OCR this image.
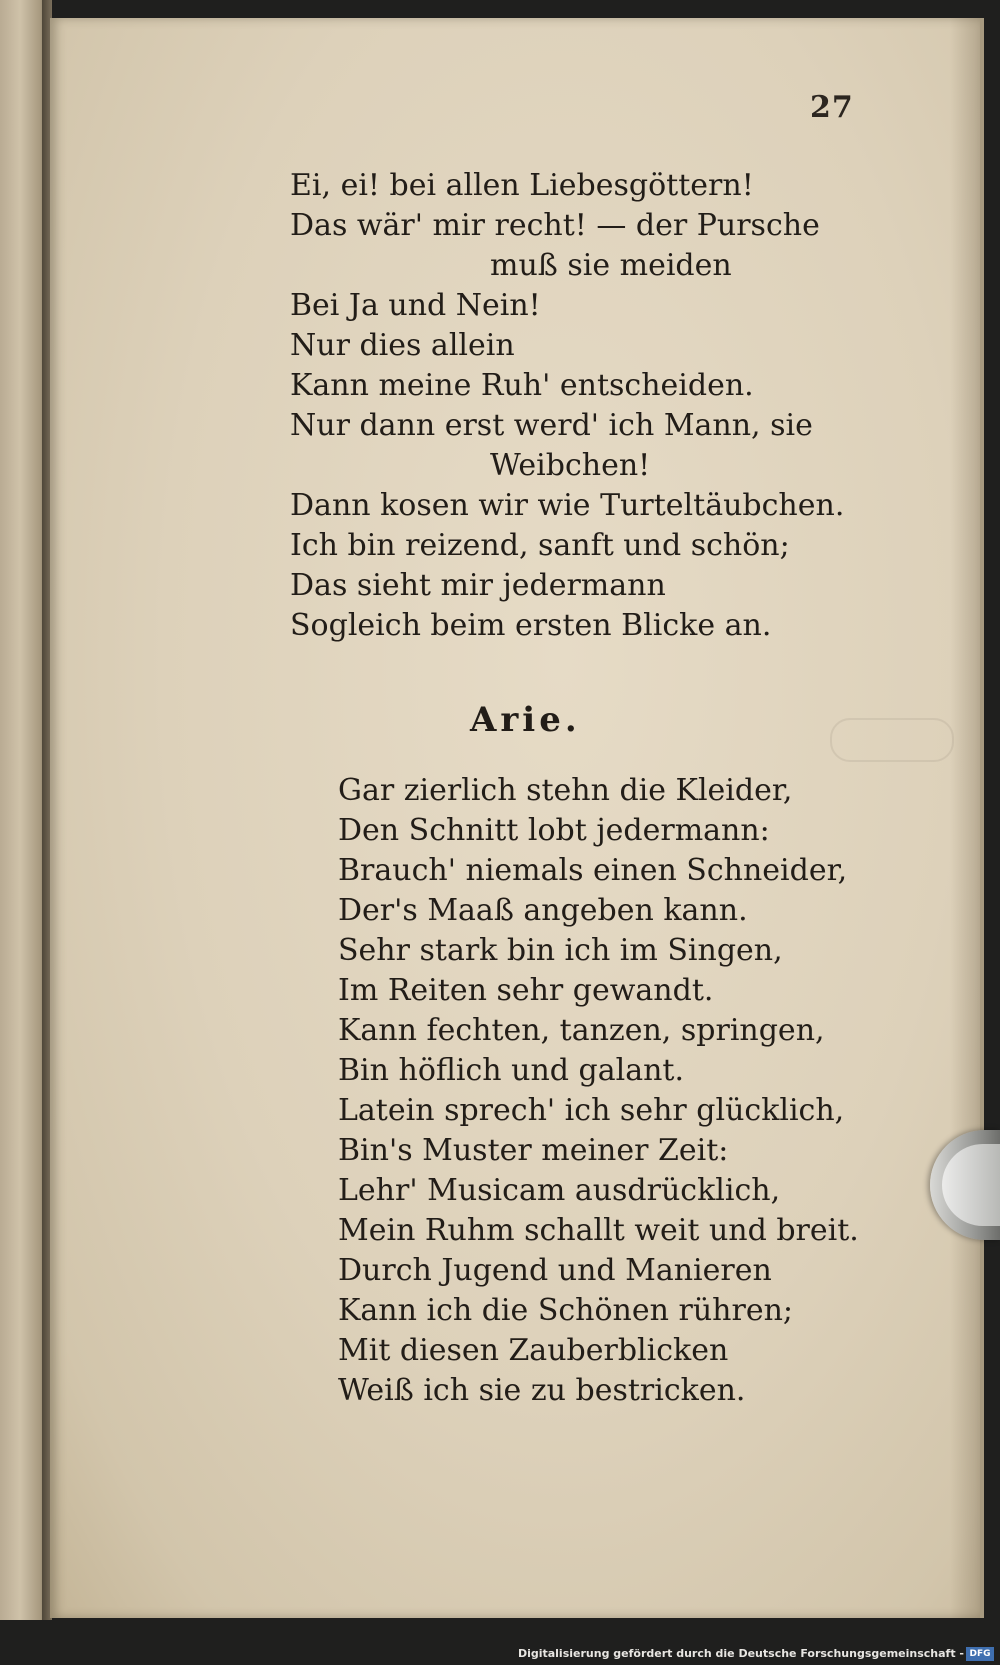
27
Ei, ei! bei allen Liebesgöttern!
Das wär' mir recht! — der Pursche
muß sie meiden
Bei Ja und Nein!
Nur dies allein
Kann meine Ruh' entscheiden.
Nur dann erst werd' ich Mann, sie
Weibchen!
Dann kosen wir wie Turteltäubchen.
Ich bin reizend, sanft und schön;
Das sieht mir jedermann
Sogleich beim ersten Blicke an.
Arie.
Gar zierlich stehn die Kleider,
Den Schnitt lobt jedermann:
Brauch' niemals einen Schneider,
Der's Maaß angeben kann.
Sehr stark bin ich im Singen,
Im Reiten sehr gewandt.
Kann fechten, tanzen, springen,
Bin höflich und galant.
Latein sprech' ich sehr glücklich,
Bin's Muster meiner Zeit:
Lehr' Musicam ausdrücklich,
Mein Ruhm schallt weit und breit.
Durch Jugend und Manieren
Kann ich die Schönen rühren;
Mit diesen Zauberblicken
Weiß ich sie zu bestricken.
Digitalisierung gefördert durch die Deutsche Forschungsgemeinschaft - DFG
